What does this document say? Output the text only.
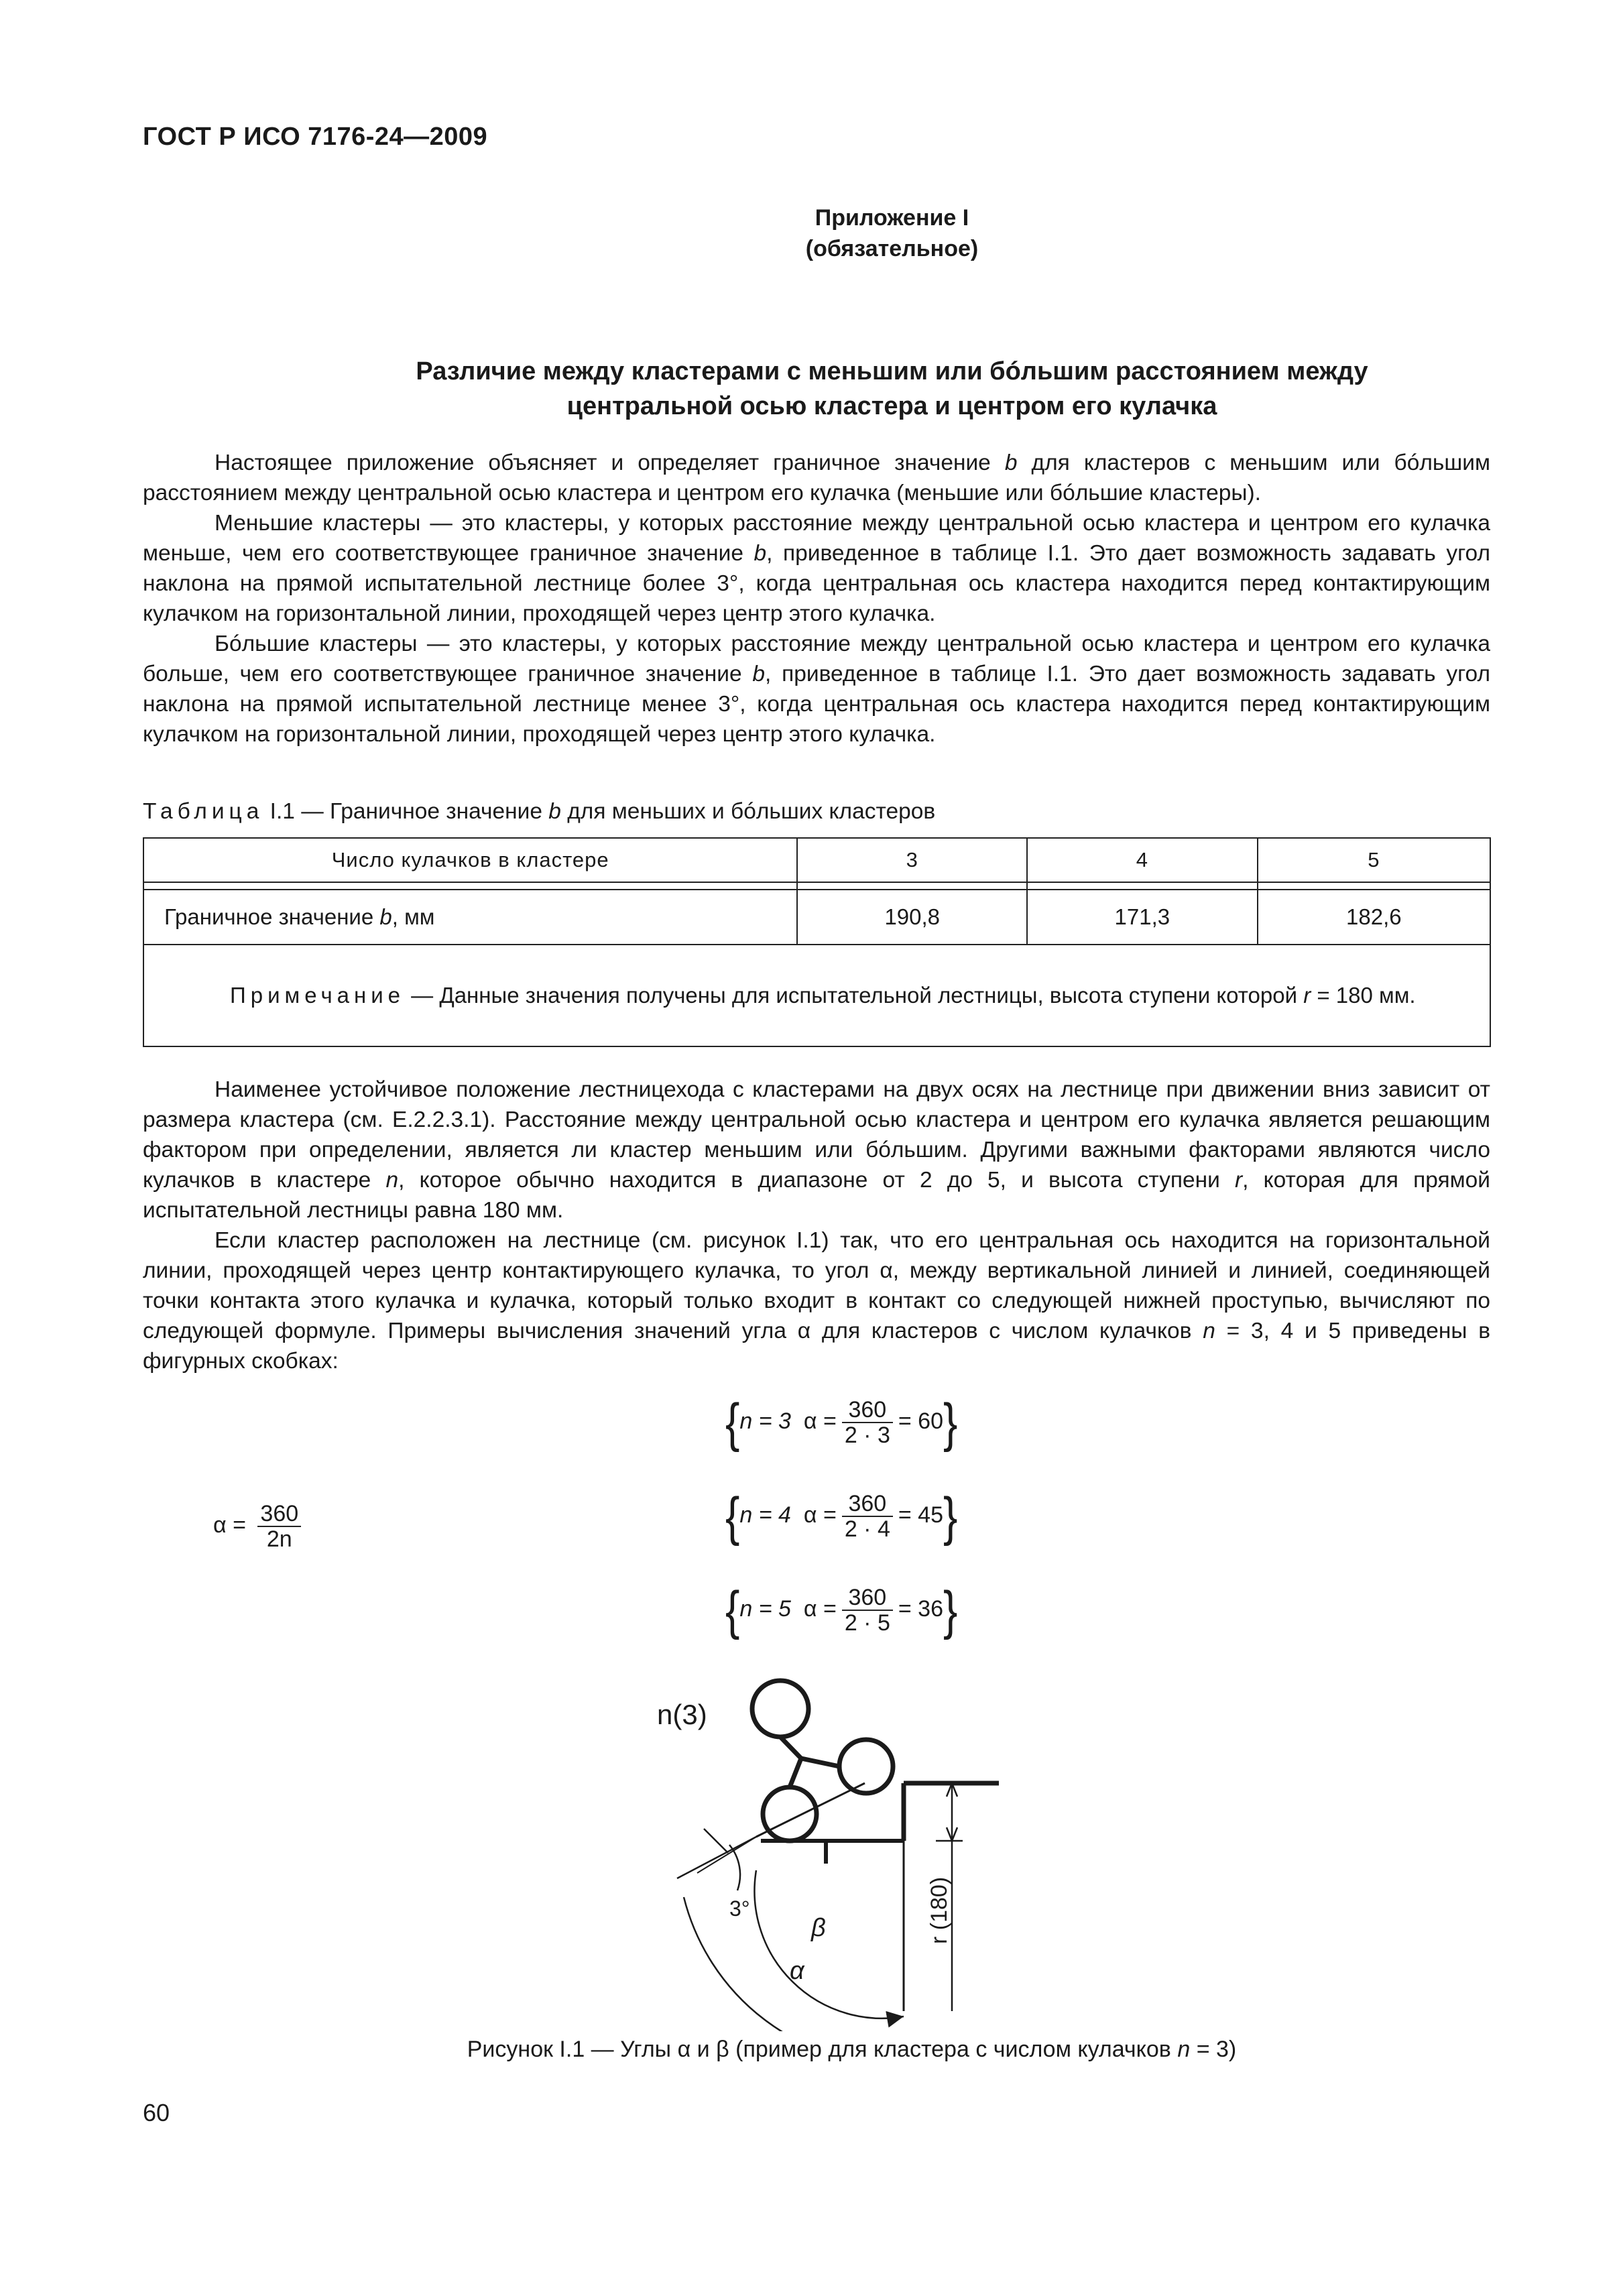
ГОСТ Р ИСО 7176-24—2009
Приложение I
(обязательное)
Различие между кластерами с меньшим или бóльшим расстоянием между
центральной осью кластера и центром его кулачка

Настоящее приложение объясняет и определяет граничное значение b для кластеров с меньшим или бóльшим расстоянием между центральной осью кластера и центром его кулачка (меньшие или бóльшие кластеры).

Меньшие кластеры — это кластеры, у которых расстояние между центральной осью кластера и центром его кулачка меньше, чем его соответствующее граничное значение b, приведенное в таблице I.1. Это дает возможность задавать угол наклона на прямой испытательной лестнице более 3°, когда центральная ось кластера находится перед контактирующим кулачком на горизонтальной линии, проходящей через центр этого кулачка.

Бóльшие кластеры — это кластеры, у которых расстояние между центральной осью кластера и центром его кулачка больше, чем его соответствующее граничное значение b, приведенное в таблице I.1. Это дает возможность задавать угол наклона на прямой испытательной лестнице менее 3°, когда центральная ось кластера находится перед контактирующим кулачком на горизонтальной линии, проходящей через центр этого кулачка.

Таблица I.1 — Граничное значение b для меньших и бóльших кластеров

Число кулачков в кластере	3	4	5

Граничное значение b, мм	190,8	171,3	182,6
Примечание — Данные значения получены для испытательной лестницы, высота ступени которой r = 180 мм.			

Наименее устойчивое положение лестницехода с кластерами на двух осях на лестнице при движении вниз зависит от размера кластера (см. Е.2.2.3.1). Расстояние между центральной осью кластера и центром его кулачка является решающим фактором при определении, является ли кластер меньшим или бóльшим. Другими важными факторами являются число кулачков в кластере n, которое обычно находится в диапазоне от 2 до 5, и высота ступени r, которая для прямой испытательной лестницы равна 180 мм.

Если кластер расположен на лестнице (см. рисунок I.1) так, что его центральная ось находится на горизонтальной линии, проходящей через центр контактирующего кулачка, то угол α, между вертикальной линией и линией, соединяющей точки контакта этого кулачка и кулачка, который только входит в контакт со следующей нижней проступью, вычисляют по следующей формуле. Примеры вычисления значений угла α для кластеров с числом кулачков n = 3, 4 и 5 приведены в фигурных скобках:

$\alpha = \frac{360}{2n}$
{n = 3 $\alpha = \frac{360}{2 \cdot 3} = 60$}
{n = 4 $\alpha = \frac{360}{2 \cdot 4} = 45$}
{n = 5 $\alpha = \frac{360}{2 \cdot 5} = 36$}
n(3)
3°
β
α
r (180)
Рисунок I.1 — Углы α и β (пример для кластера с числом кулачков n = 3)
60
